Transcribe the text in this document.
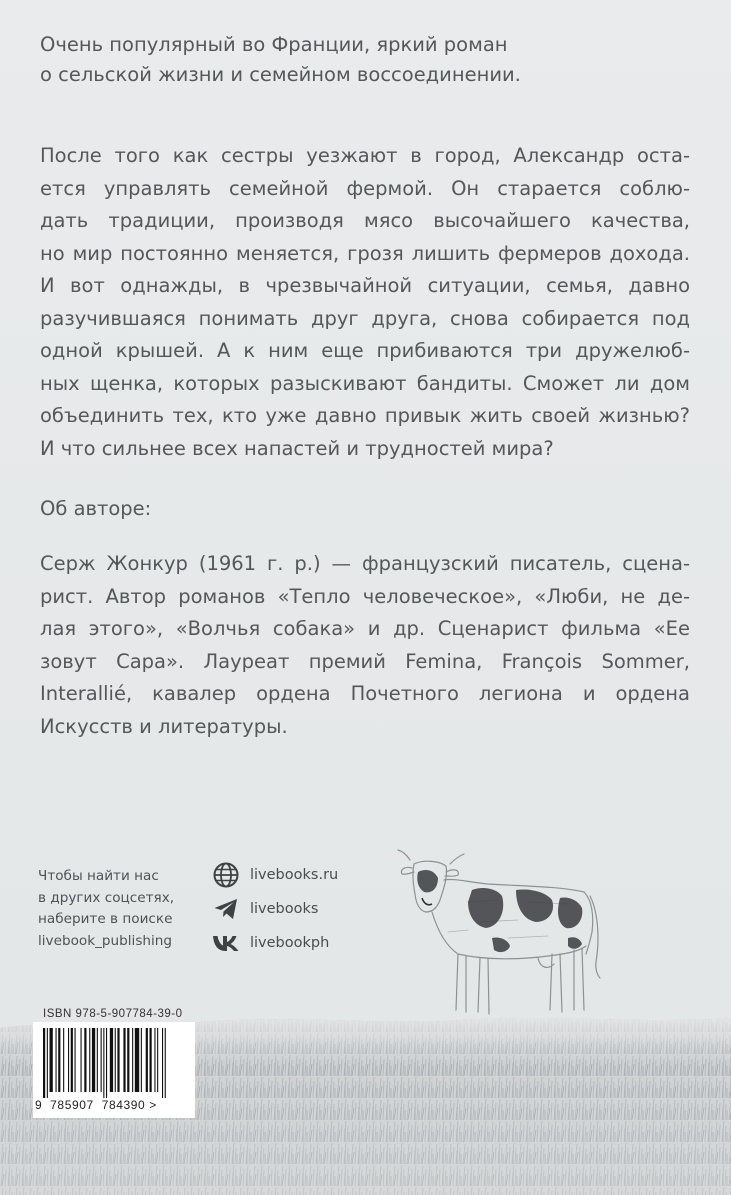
Очень популярный во Франции, яркий роман
о сельской жизни и семейном воссоединении.
После того как сестры уезжают в город, Александр оста-
ется управлять семейной фермой. Он старается соблю-
дать традиции, производя мясо высочайшего качества,
но мир постоянно меняется, грозя лишить фермеров дохода.
И вот однажды, в чрезвычайной ситуации, семья, давно
разучившаяся понимать друг друга, снова собирается под
одной крышей. А к ним еще прибиваются три дружелюб-
ных щенка, которых разыскивают бандиты. Сможет ли дом
объединить тех, кто уже давно привык жить своей жизнью?
И что сильнее всех напастей и трудностей мира?
Об авторе:
Серж Жонкур (1961 г. р.) — французский писатель, сцена-
рист. Автор романов «Тепло человеческое», «Люби, не де-
лая этого», «Волчья собака» и др. Сценарист фильма «Ее
зовут Сара». Лауреат премий Femina, François Sommer,
Interallié, кавалер ордена Почетного легиона и ордена
Искусств и литературы.
Чтобы найти нас
в других соцсетях,
наберите в поиске
livebook_publishing
livebooks.ru
livebooks
livebookph
ISBN 978-5-907784-39-0
9 785907 784390 >
